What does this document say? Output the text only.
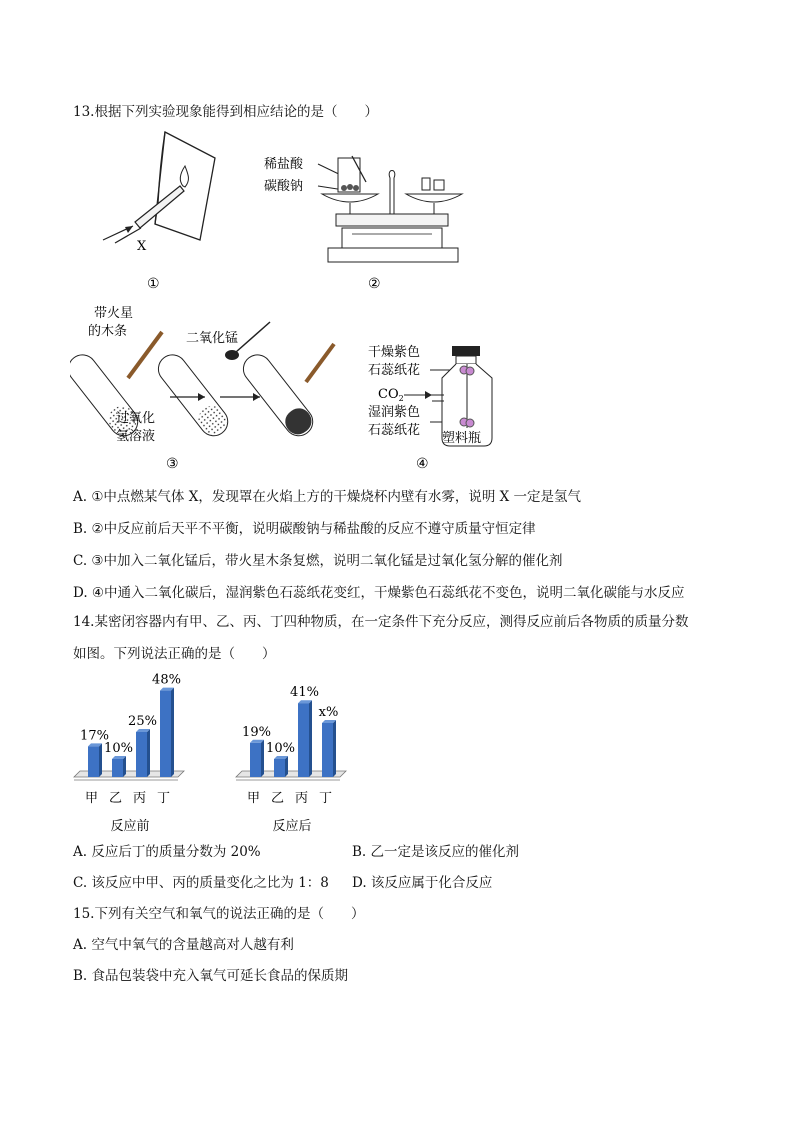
13.根据下列实验现象能得到相应结论的是（　　）
X
①
稀盐酸
碳酸钠
②
带火星
的木条
过氧化
氢溶液
二氧化锰
③
干燥紫色
石蕊纸花
$CO_2$
湿润紫色
石蕊纸花
塑料瓶
④
A. ①中点燃某气体 X，发现罩在火焰上方的干燥烧杯内壁有水雾，说明 X 一定是氢气
B. ②中反应前后天平不平衡，说明碳酸钠与稀盐酸的反应不遵守质量守恒定律
C. ③中加入二氧化锰后，带火星木条复燃，说明二氧化锰是过氧化氢分解的催化剂
D. ④中通入二氧化碳后，湿润紫色石蕊纸花变红，干燥紫色石蕊纸花不变色，说明二氧化碳能与水反应
14.某密闭容器内有甲、乙、丙、丁四种物质，在一定条件下充分反应，测得反应前后各物质的质量分数
如图。下列说法正确的是（　　）
17%
甲
10%
乙
25%
丙
48%
丁
反应前
19%
甲
10%
乙
41%
丙
x%
丁
反应后
A. 反应后丁的质量分数为 20%	B. 乙一定是该反应的催化剂
C. 该反应中甲、丙的质量变化之比为 1：8 D. 该反应属于化合反应
15.下列有关空气和氧气的说法正确的是（　　）
A. 空气中氧气的含量越高对人越有利
B. 食品包装袋中充入氧气可延长食品的保质期
